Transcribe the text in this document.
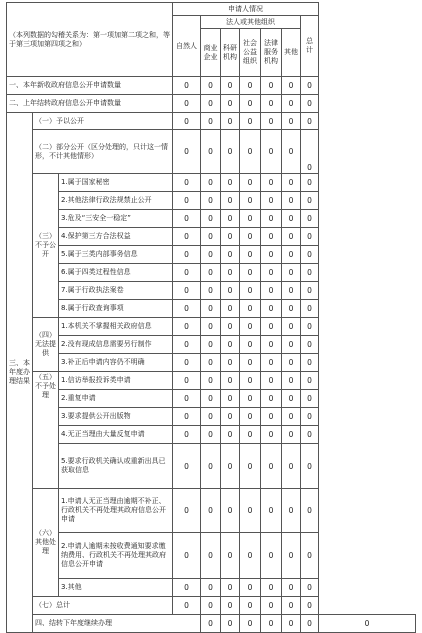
（本列数据的勾稽关系为：第一项加第二项之和，等于第三项加第四项之和）			申请人情况							
			自然人	法人或其他组织					总计	
				商业企业	科研机构	社会公益组织	法律服务机构	其他		
一、本年新收政府信息公开申请数量			0	0	0	0	0	0	0	
二、上年结转政府信息公开申请数量			0	0	0	0	0	0	0	
三、本年度办理结果	（一）予以公开		0	0	0	0	0	0	0	
	（二）部分公开（区分处理的，只计这一情形，不计其他情形）		0	0	0	0	0	0	0	
	（三）不予公开	1.属于国家秘密	0	0	0	0	0	0	0	
		2.其他法律行政法规禁止公开	0	0	0	0	0	0	0	
		3.危及“三安全一稳定”	0	0	0	0	0	0	0	
		4.保护第三方合法权益	0	0	0	0	0	0	0	
		5.属于三类内部事务信息	0	0	0	0	0	0	0	
		6.属于四类过程性信息	0	0	0	0	0	0	0	
		7.属于行政执法案卷	0	0	0	0	0	0	0	
		8.属于行政查询事项	0	0	0	0	0	0	0	
	（四）无法提供	1.本机关不掌握相关政府信息	0	0	0	0	0	0	0	
		2.没有现成信息需要另行制作	0	0	0	0	0	0	0	
		3.补正后申请内容仍不明确	0	0	0	0	0	0	0	
	（五）不予处理	1.信访举报投诉类申请	0	0	0	0	0	0	0	
		2.重复申请	0	0	0	0	0	0	0	
		3.要求提供公开出版物	0	0	0	0	0	0	0	
		4.无正当理由大量反复申请	0	0	0	0	0	0	0	
		5.要求行政机关确认或重新出具已获取信息	0	0	0	0	0	0	0	
	（六）其他处理	1.申请人无正当理由逾期不补正、行政机关不再处理其政府信息公开申请	0	0	0	0	0	0	0	
		2.申请人逾期未按收费通知要求缴纳费用、行政机关不再处理其政府信息公开申请	0	0	0	0	0	0	0	
		3.其他	0	0	0	0	0	0	0	
	（七）总计		0	0	0	0	0	0	0	
	四、结转下年度继续办理			0	0	0	0	0	0	0
